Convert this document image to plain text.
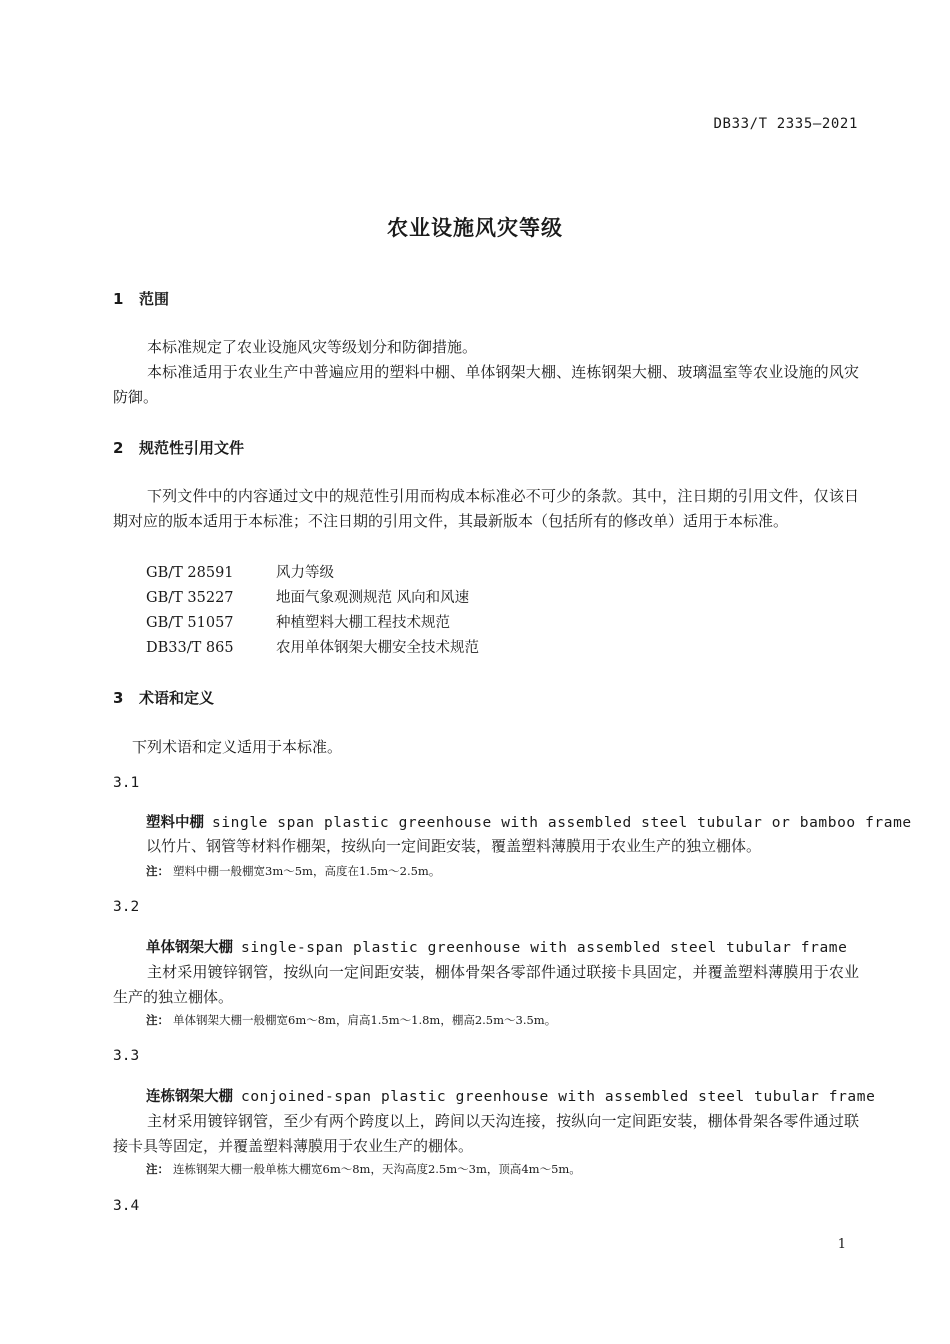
DB33/T 2335—2021
农业设施风灾等级
1 范围
本标准规定了农业设施风灾等级划分和防御措施。
本标准适用于农业生产中普遍应用的塑料中棚、单体钢架大棚、连栋钢架大棚、玻璃温室等农业设施的风灾防御。
2 规范性引用文件
下列文件中的内容通过文中的规范性引用而构成本标准必不可少的条款。其中，注日期的引用文件，仅该日期对应的版本适用于本标准；不注日期的引用文件，其最新版本（包括所有的修改单）适用于本标准。
GB/T 28591	风力等级
GB/T 35227	地面气象观测规范 风向和风速
GB/T 51057	种植塑料大棚工程技术规范
DB33/T 865	农用单体钢架大棚安全技术规范
3 术语和定义
下列术语和定义适用于本标准。
3.1
塑料中棚 single span plastic greenhouse with assembled steel tubular or bamboo frame
以竹片、钢管等材料作棚架，按纵向一定间距安装，覆盖塑料薄膜用于农业生产的独立棚体。
注： 塑料中棚一般棚宽3m～5m，高度在1.5m～2.5m。
3.2
单体钢架大棚 single-span plastic greenhouse with assembled steel tubular frame
主材采用镀锌钢管，按纵向一定间距安装，棚体骨架各零部件通过联接卡具固定，并覆盖塑料薄膜用于农业生产的独立棚体。
注： 单体钢架大棚一般棚宽6m～8m，肩高1.5m～1.8m，棚高2.5m～3.5m。
3.3
连栋钢架大棚 conjoined-span plastic greenhouse with assembled steel tubular frame
主材采用镀锌钢管，至少有两个跨度以上，跨间以天沟连接，按纵向一定间距安装，棚体骨架各零件通过联接卡具等固定，并覆盖塑料薄膜用于农业生产的棚体。
注： 连栋钢架大棚一般单栋大棚宽6m～8m，天沟高度2.5m～3m，顶高4m～5m。
3.4
1
